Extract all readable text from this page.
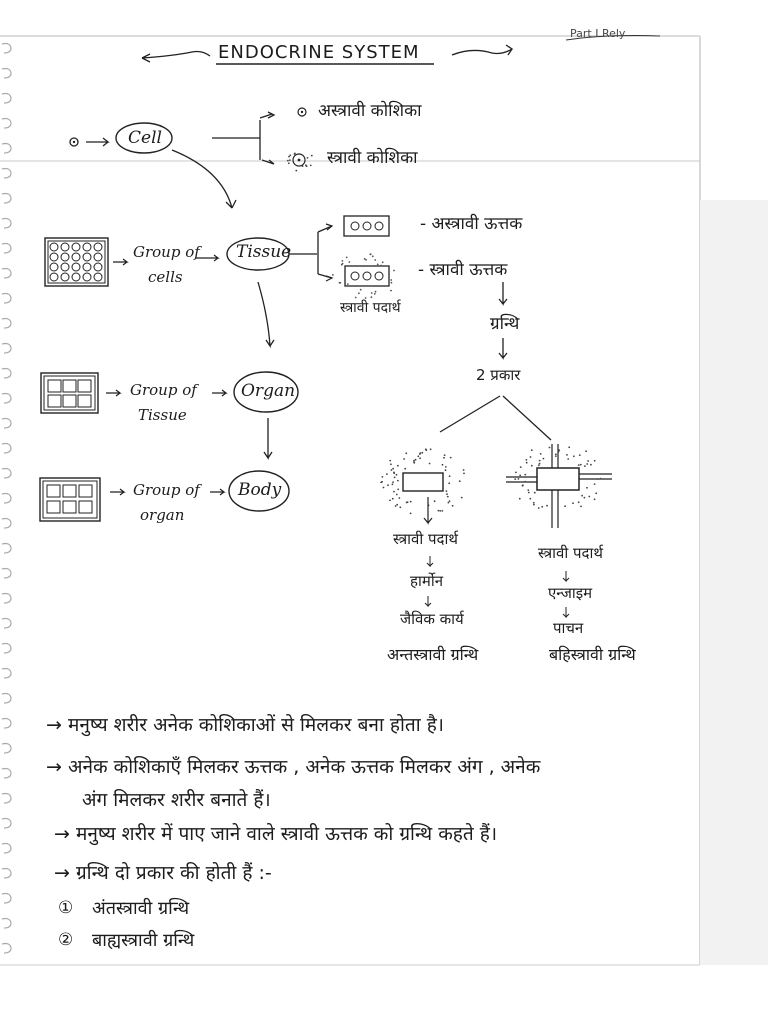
ENDOCRINE SYSTEM
Part I Rely
Cell
अस्त्रावी कोशिका
स्त्रावी कोशिका
Group of
cells
Tissue
- अस्त्रावी ऊत्तक
- स्त्रावी ऊत्तक
स्त्रावी पदार्थ
ग्रन्थि
2 प्रकार
Group of
Tissue
Organ
Group of
organ
Body
स्त्रावी पदार्थ
हार्मोन
जैविक कार्य
अन्तस्त्रावी ग्रन्थि
स्त्रावी पदार्थ
एन्जाइम
पाचन
बहिस्त्रावी ग्रन्थि
→ मनुष्य शरीर अनेक कोशिकाओं से मिलकर बना होता है।
→ अनेक कोशिकाएँ मिलकर ऊत्तक , अनेक ऊत्तक मिलकर अंग , अनेक
अंग मिलकर शरीर बनाते हैं।
→ मनुष्य शरीर में पाए जाने वाले स्त्रावी ऊत्तक को ग्रन्थि कहते हैं।
→ ग्रन्थि दो प्रकार की होती हैं :-
① अंतस्त्रावी ग्रन्थि
② बाह्यस्त्रावी ग्रन्थि
